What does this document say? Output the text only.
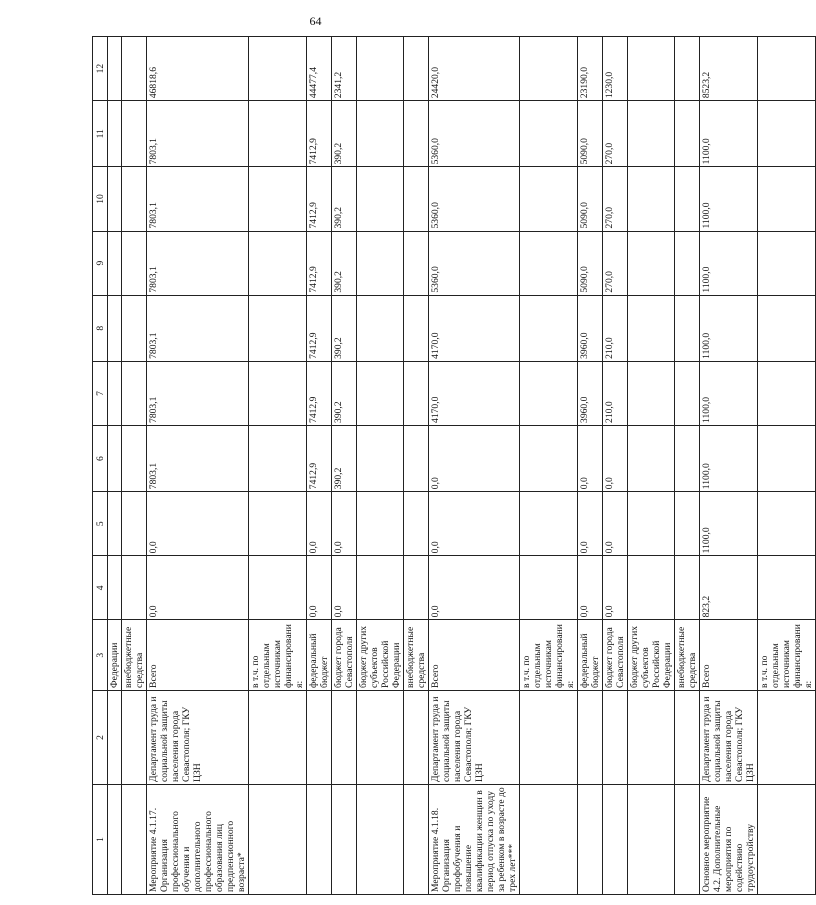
64
1	2	3	4	5	6	7	8	9	10	11	12
		Федерации									
		внебюджетные средства									
Мероприятие 4.1.17. Организация профессионального обучения и дополнительного профессионального образования лиц предпенсионного возраста*	Департамент труда и социальной защиты населения города Севастополя; ГКУ ЦЗН	Всего	0,0	0,0	7803,1	7803,1	7803,1	7803,1	7803,1	7803,1	46818,6
		в т.ч. по отдельным источникам финансирования:									
		федеральный бюджет	0,0	0,0	7412,9	7412,9	7412,9	7412,9	7412,9	7412,9	44477,4
		бюджет города Севастополя	0,0	0,0	390,2	390,2	390,2	390,2	390,2	390,2	2341,2
		бюджет других субъектов Российской Федерации									
		внебюджетные средства									
Мероприятие 4.1.18. Организация профобучения и повышение квалификации женщин в период отпуска по уходу за ребенком в возрасте до трех лет***	Департамент труда и социальной защиты населения города Севастополя; ГКУ ЦЗН	Всего	0,0	0,0	0,0	4170,0	4170,0	5360,0	5360,0	5360,0	24420,0
		в т.ч. по отдельным источникам финансирования:									
		федеральный бюджет	0,0	0,0	0,0	3960,0	3960,0	5090,0	5090,0	5090,0	23190,0
		бюджет города Севастополя	0,0	0,0	0,0	210,0	210,0	270,0	270,0	270,0	1230,0
		бюджет других субъектов Российской Федерации									
		внебюджетные средства									
Основное мероприятие 4.2. Дополнительные мероприятия по содействию трудоустройству	Департамент труда и социальной защиты населения города Севастополя; ГКУ ЦЗН	Всего	823,2	1100,0	1100,0	1100,0	1100,0	1100,0	1100,0	1100,0	8523,2
		в т.ч. по отдельным источникам финансирования:									
